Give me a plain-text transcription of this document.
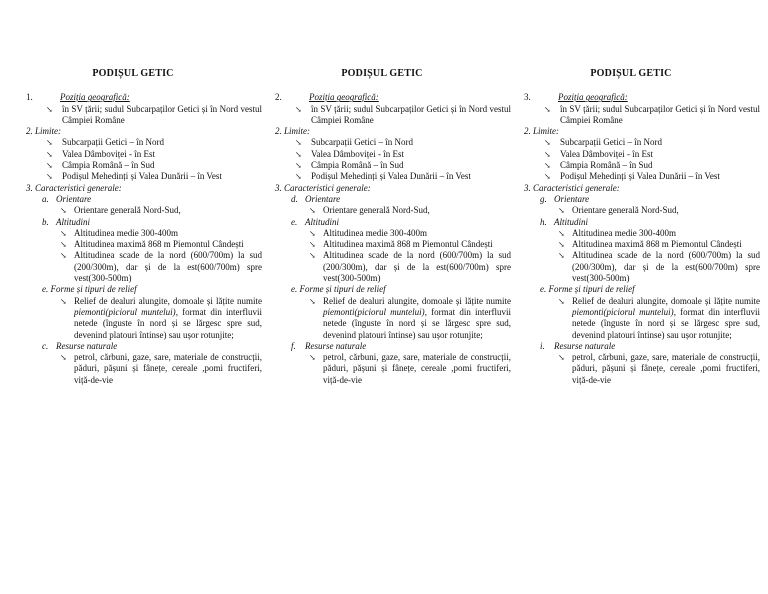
PODIȘUL GETIC
1.	Poziția geografică:
↘ în SV țării; sudul Subcarpaților Getici și în Nord vestul Câmpiei Române
2. Limite:
↘ Subcarpații Getici – în Nord
↘ Valea Dâmboviței - în Est
↘ Câmpia Română – în Sud
↘ Podișul Mehedinți și Valea Dunării – în Vest
3. Caracteristici generale:
a. Orientare
↘ Orientare generală Nord-Sud,
b. Altitudini
↘ Altitudinea medie 300-400m
↘ Altitudinea maximă 868 m Piemontul Cândești
↘ Altitudinea scade de la nord (600/700m) la sud (200/300m), dar și de la est(600/700m) spre vest(300-500m)
e. Forme și tipuri de relief
↘ Relief de dealuri alungite, domoale și lățite numite piemonti(piciorul muntelui), format din interfluvii netede (înguste în nord și se lărgesc spre sud, devenind platouri întinse) sau ușor rotunjite;
c. Resurse naturale
↘ petrol, cărbuni, gaze, sare, materiale de construcții, păduri, pășuni și fânețe, cereale ,pomi fructiferi, viță-de-vie
PODIȘUL GETIC
2.	Poziția geografică:
↘ în SV țării; sudul Subcarpaților Getici și în Nord vestul Câmpiei Române
2. Limite:
↘ Subcarpații Getici – în Nord
↘ Valea Dâmboviței - în Est
↘ Câmpia Română – în Sud
↘ Podișul Mehedinți și Valea Dunării – în Vest
3. Caracteristici generale:
d. Orientare
↘ Orientare generală Nord-Sud,
e. Altitudini
↘ Altitudinea medie 300-400m
↘ Altitudinea maximă 868 m Piemontul Cândești
↘ Altitudinea scade de la nord (600/700m) la sud (200/300m), dar și de la est(600/700m) spre vest(300-500m)
e. Forme și tipuri de relief
↘ Relief de dealuri alungite, domoale și lățite numite piemonti(piciorul muntelui), format din interfluvii netede (înguste în nord și se lărgesc spre sud, devenind platouri întinse) sau ușor rotunjite;
f.	Resurse naturale
↘ petrol, cărbuni, gaze, sare, materiale de construcții, păduri, pășuni și fânețe, cereale ,pomi fructiferi, viță-de-vie
PODIȘUL GETIC
3.	Poziția geografică:
↘ în SV țării; sudul Subcarpaților Getici și în Nord vestul Câmpiei Române
2. Limite:
↘ Subcarpații Getici – în Nord
↘ Valea Dâmboviței - în Est
↘ Câmpia Română – în Sud
↘ Podișul Mehedinți și Valea Dunării – în Vest
3. Caracteristici generale:
g. Orientare
↘ Orientare generală Nord-Sud,
h. Altitudini
↘ Altitudinea medie 300-400m
↘ Altitudinea maximă 868 m Piemontul Cândești
↘ Altitudinea scade de la nord (600/700m) la sud (200/300m), dar și de la est(600/700m) spre vest(300-500m)
e. Forme și tipuri de relief
↘ Relief de dealuri alungite, domoale și lățite numite piemonti(piciorul muntelui), format din interfluvii netede (înguste în nord și se lărgesc spre sud, devenind platouri întinse) sau ușor rotunjite;
i.	Resurse naturale
↘ petrol, cărbuni, gaze, sare, materiale de construcții, păduri, pășuni și fânețe, cereale ,pomi fructiferi, viță-de-vie
